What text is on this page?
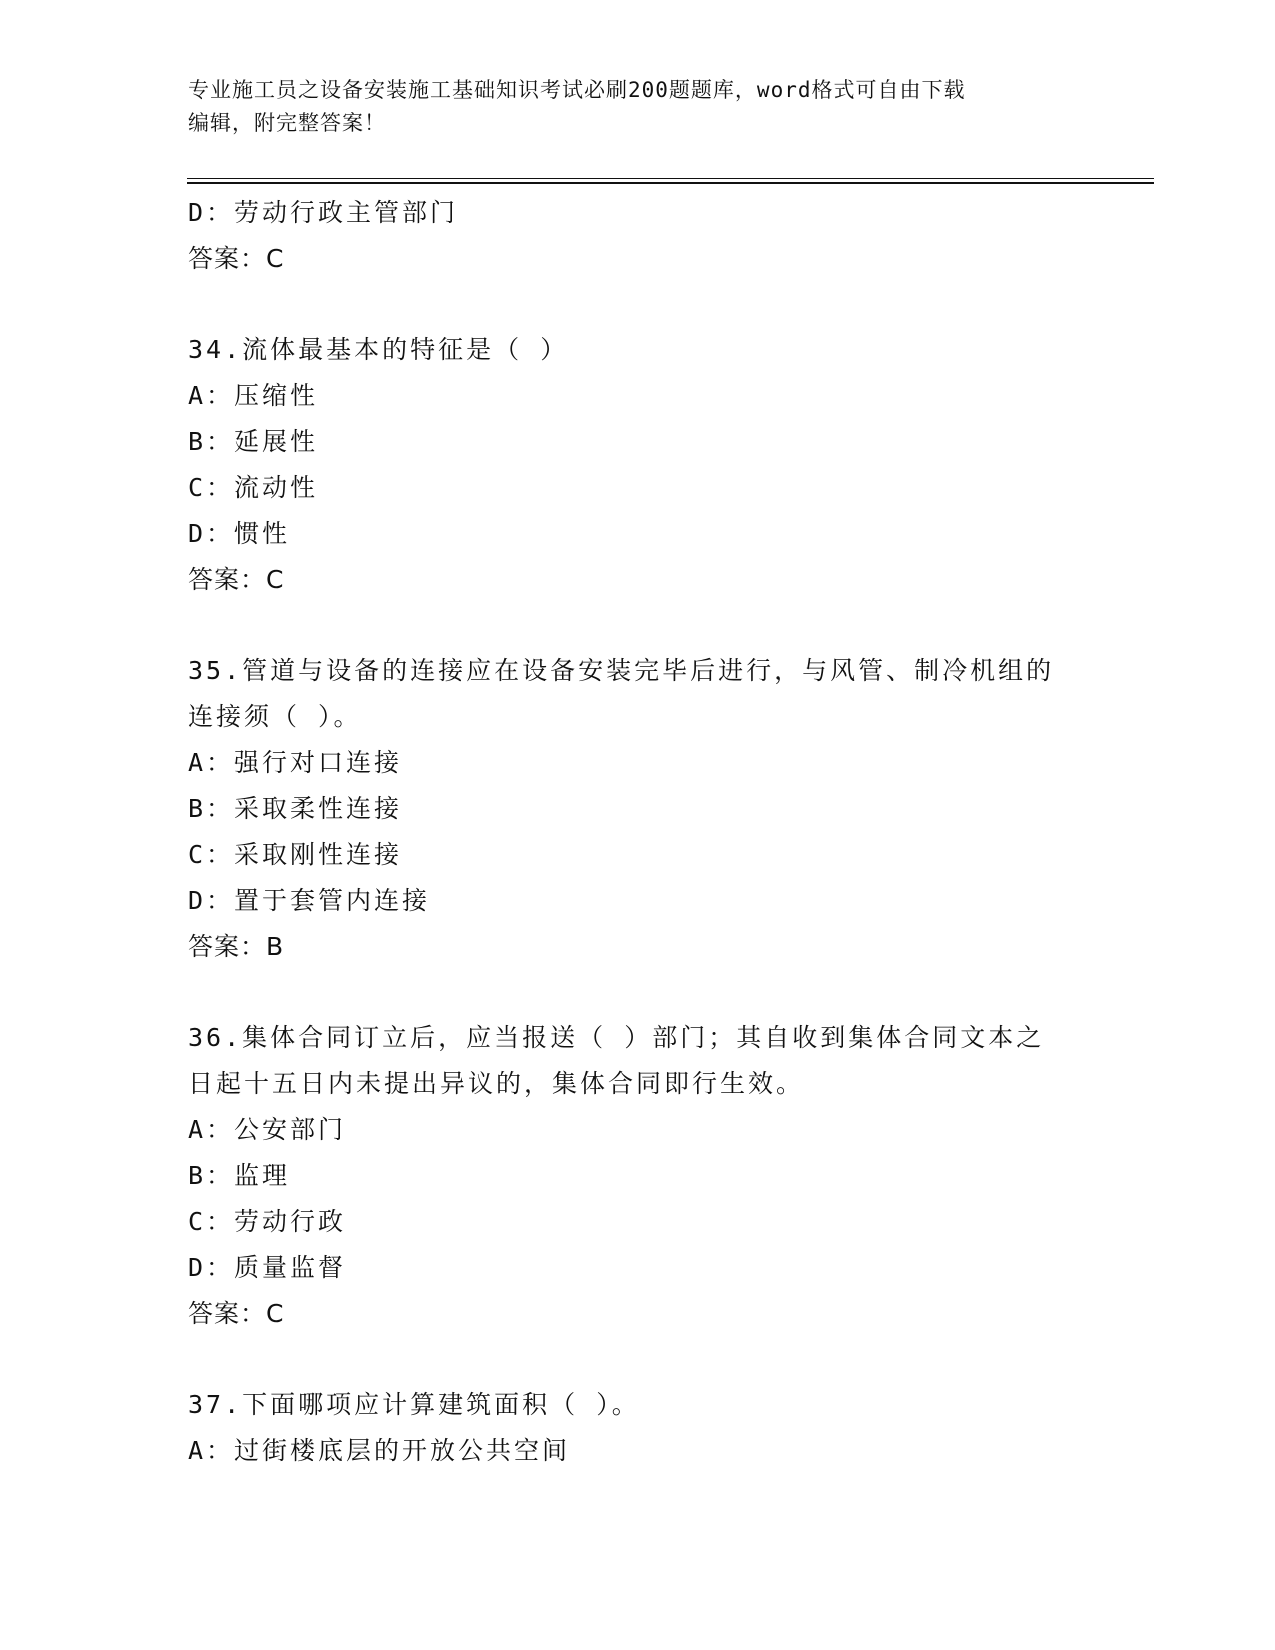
专业施工员之设备安装施工基础知识考试必刷200题题库，word格式可自由下载
编辑，附完整答案！
D：劳动行政主管部门
答案：C
34.流体最基本的特征是（ ）
A：压缩性
B：延展性
C：流动性
D：惯性
答案：C
35.管道与设备的连接应在设备安装完毕后进行，与风管、制冷机组的
连接须（ ）。
A：强行对口连接
B：采取柔性连接
C：采取刚性连接
D：置于套管内连接
答案：B
36.集体合同订立后，应当报送（ ）部门；其自收到集体合同文本之
日起十五日内未提出异议的，集体合同即行生效。
A：公安部门
B：监理
C：劳动行政
D：质量监督
答案：C
37.下面哪项应计算建筑面积（ ）。
A：过街楼底层的开放公共空间
